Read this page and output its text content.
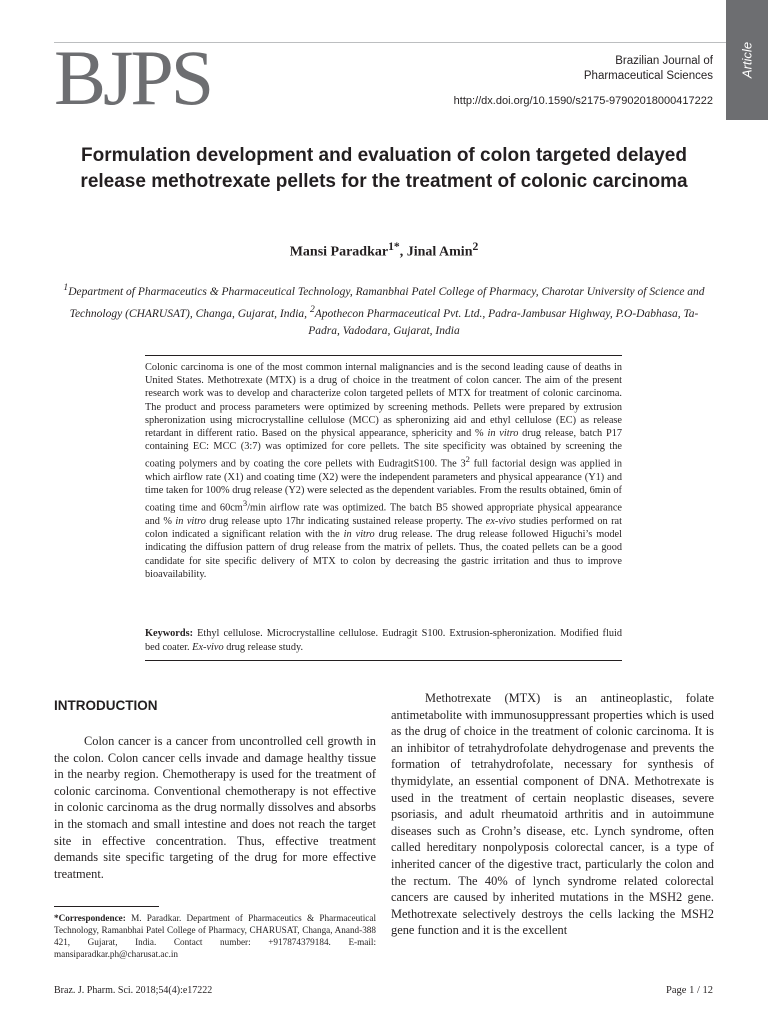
BJPS	Article
Brazilian Journal of
Pharmaceutical Sciences
http://dx.doi.org/10.1590/s2175-97902018000417222
Formulation development and evaluation of colon targeted delayed release methotrexate pellets for the treatment of colonic carcinoma
Mansi Paradkar$^{1*}$, Jinal Amin$^2$
$^1$Department of Pharmaceutics & Pharmaceutical Technology, Ramanbhai Patel College of Pharmacy, Charotar University of Science and Technology (CHARUSAT), Changa, Gujarat, India, $^2$Apothecon Pharmaceutical Pvt. Ltd., Padra-Jambusar Highway, P.O-Dabhasa, Ta-Padra, Vadodara, Gujarat, India
Colonic carcinoma is one of the most common internal malignancies and is the second leading cause of deaths in United States. Methotrexate (MTX) is a drug of choice in the treatment of colon cancer. The aim of the present research work was to develop and characterize colon targeted pellets of MTX for treatment of colonic carcinoma. The product and process parameters were optimized by screening methods. Pellets were prepared by extrusion spheronization using microcrystalline cellulose (MCC) as spheronizing aid and ethyl cellulose (EC) as release retardant in different ratio. Based on the physical appearance, sphericity and % in vitro drug release, batch P17 containing EC: MCC (3:7) was optimized for core pellets. The site specificity was obtained by screening the coating polymers and by coating the core pellets with EudragitS100. The $3^2$ full factorial design was applied in which airflow rate (X1) and coating time (X2) were the independent parameters and physical appearance (Y1) and time taken for 100% drug release (Y2) were selected as the dependent variables. From the results obtained, 6min of coating time and $60cm^3/\min$ airflow rate was optimized. The batch B5 showed appropriate physical appearance and % in vitro drug release upto 17hr indicating sustained release property. The ex-vivo studies performed on rat colon indicated a significant relation with the in vitro drug release. The drug release followed Higuchi’s model indicating the diffusion pattern of drug release from the matrix of pellets. Thus, the coated pellets can be a good candidate for site specific delivery of MTX to colon by decreasing the gastric irritation and thus to improve bioavailability.
Keywords: Ethyl cellulose. Microcrystalline cellulose. Eudragit S100. Extrusion-spheronization. Modified fluid bed coater. Ex-vivo drug release study.
INTRODUCTION
Colon cancer is a cancer from uncontrolled cell growth in the colon. Colon cancer cells invade and damage healthy tissue in the nearby region. Chemotherapy is used for the treatment of colonic carcinoma. Conventional chemotherapy is not effective in colonic carcinoma as the drug normally dissolves and absorbs in the stomach and small intestine and does not reach the target site in effective concentration. Thus, effective treatment demands site specific targeting of the drug for more effective treatment.
Methotrexate (MTX) is an antineoplastic, folate antimetabolite with immunosuppressant properties which is used as the drug of choice in the treatment of colonic carcinoma. It is an inhibitor of tetrahydrofolate dehydrogenase and prevents the formation of tetrahydrofolate, necessary for synthesis of thymidylate, an essential component of DNA. Methotrexate is used in the treatment of certain neoplastic diseases, severe psoriasis, and adult rheumatoid arthritis and in autoimmune diseases such as Crohn’s disease, etc. Lynch syndrome, often called hereditary nonpolyposis colorectal cancer, is a type of inherited cancer of the digestive tract, particularly the colon and the rectum. The 40% of lynch syndrome related colorectal cancers are caused by inherited mutations in the MSH2 gene. Methotrexate selectively destroys the cells lacking the MSH2 gene function and it is the excellent
*Correspondence: M. Paradkar. Department of Pharmaceutics & Pharmaceutical Technology, Ramanbhai Patel College of Pharmacy, CHARUSAT, Changa, Anand-388 421, Gujarat, India. Contact number: +917874379184. E-mail: mansiparadkar.ph@charusat.ac.in
Braz. J. Pharm. Sci. 2018;54(4):e17222	Page 1 / 12
